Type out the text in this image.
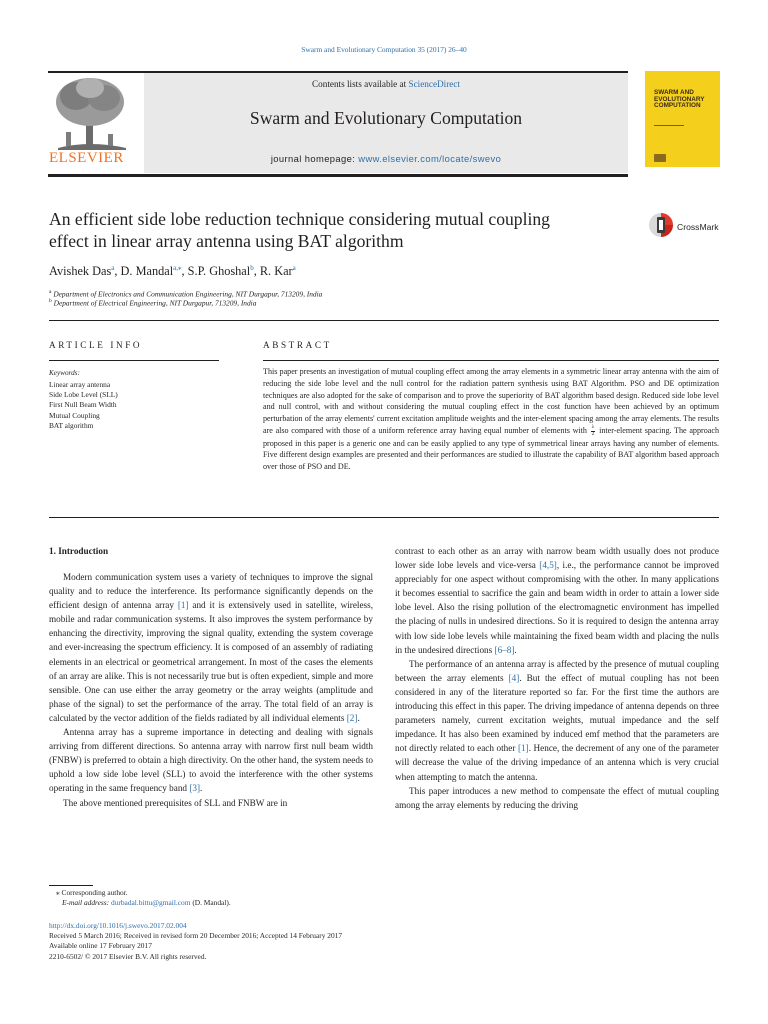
Swarm and Evolutionary Computation 35 (2017) 26–40
ELSEVIER
Contents lists available at ScienceDirect
Swarm and Evolutionary Computation
journal homepage: www.elsevier.com/locate/swevo
SWARM AND
EVOLUTIONARY
COMPUTATION
An efficient side lobe reduction technique considering mutual coupling
effect in linear array antenna using BAT algorithm
CrossMark
Avishek Das$^a$, D. Mandal$^{a,⁎}$, S.P. Ghoshal$^b$, R. Kar$^a$
$^a$ Department of Electronics and Communication Engineering, NIT Durgapur, 713209, India
$^b$ Department of Electrical Engineering, NIT Durgapur, 713209, India
ARTICLE INFO	ABSTRACT
Keywords:
Linear array antenna
Side Lobe Level (SLL)
First Null Beam Width
Mutual Coupling
BAT algorithm

This paper presents an investigation of mutual coupling effect among the array elements in a symmetric linear array antenna with the aim of reducing the side lobe level and the null control for the radiation pattern synthesis using BAT Algorithm. PSO and DE optimization techniques are also adopted for the sake of comparison and to prove the superiority of BAT algorithm based design. Reduced side lobe level and null control, with and without considering the mutual coupling effect in the cost function have been achieved by an optimum perturbation of the array elements' current excitation amplitude weights and the inter-element spacing among the array elements. The results are also compared with those of a uniform reference array having equal number of elements with $\frac{\lambda}{2}$ inter-element spacing. The approach proposed in this paper is a generic one and can be easily applied to any type of symmetrical linear arrays having any number of elements. Five different design examples are presented and their performances are studied to illustrate the capability of BAT algorithm based approach over those of PSO and DE.

1. Introduction

Modern communication system uses a variety of techniques to improve the signal quality and to reduce the interference. Its performance significantly depends on the efficient design of antenna array [1] and it is extensively used in satellite, wireless, mobile and radar communication systems. It also improves the system performance by enhancing the directivity, improving the signal quality, extending the system coverage and ever-increasing the spectrum efficiency. It is composed of an assembly of radiating elements in an electrical or geometrical arrangement. In most of the cases the elements of an array are alike. This is not necessarily true but is often expedient, simple and more sensible. One can use either the array geometry or the array weights (amplitude and phase of the signal) to set the performance of the array. The total field of an array is calculated by the vector addition of the fields radiated by all individual elements [2].

Antenna array has a supreme importance in detecting and dealing with signals arriving from different directions. So antenna array with narrow first null beam width (FNBW) is preferred to obtain a high directivity. On the other hand, the system needs to uphold a low side lobe level (SLL) to avoid the interference with the other systems operating in the same frequency band [3].

The above mentioned prerequisites of SLL and FNBW are in

contrast to each other as an array with narrow beam width usually does not produce lower side lobe levels and vice-versa [4,5], i.e., the performance cannot be improved appreciably for one aspect without compromising with the other. In many applications it becomes essential to sacrifice the gain and beam width in order to attain a lower side lobe level. Also the rising pollution of the electromagnetic environment has impelled the placing of nulls in undesired directions. So it is required to design the antenna array with low side lobe levels while maintaining the fixed beam width and placing the nulls in the undesired directions [6–8].

The performance of an antenna array is affected by the presence of mutual coupling between the array elements [4]. But the effect of mutual coupling has not been considered in any of the literature reported so far. For the first time the authors are introducing this effect in this paper. The driving impedance of antenna depends on three parameters namely, current excitation weights, mutual impedance and the self impedance. It has also been examined by induced emf method that the parameters are not directly related to each other [1]. Hence, the decrement of any one of the parameter will decrease the value of the driving impedance of an antenna which is very crucial when attempting to match the antenna.

This paper introduces a new method to compensate the effect of mutual coupling among the array elements by reducing the driving

⁎ Corresponding author.
E-mail address: durbadal.bittu@gmail.com (D. Mandal).
http://dx.doi.org/10.1016/j.swevo.2017.02.004
Received 5 March 2016; Received in revised form 20 December 2016; Accepted 14 February 2017
Available online 17 February 2017
2210-6502/ © 2017 Elsevier B.V. All rights reserved.
